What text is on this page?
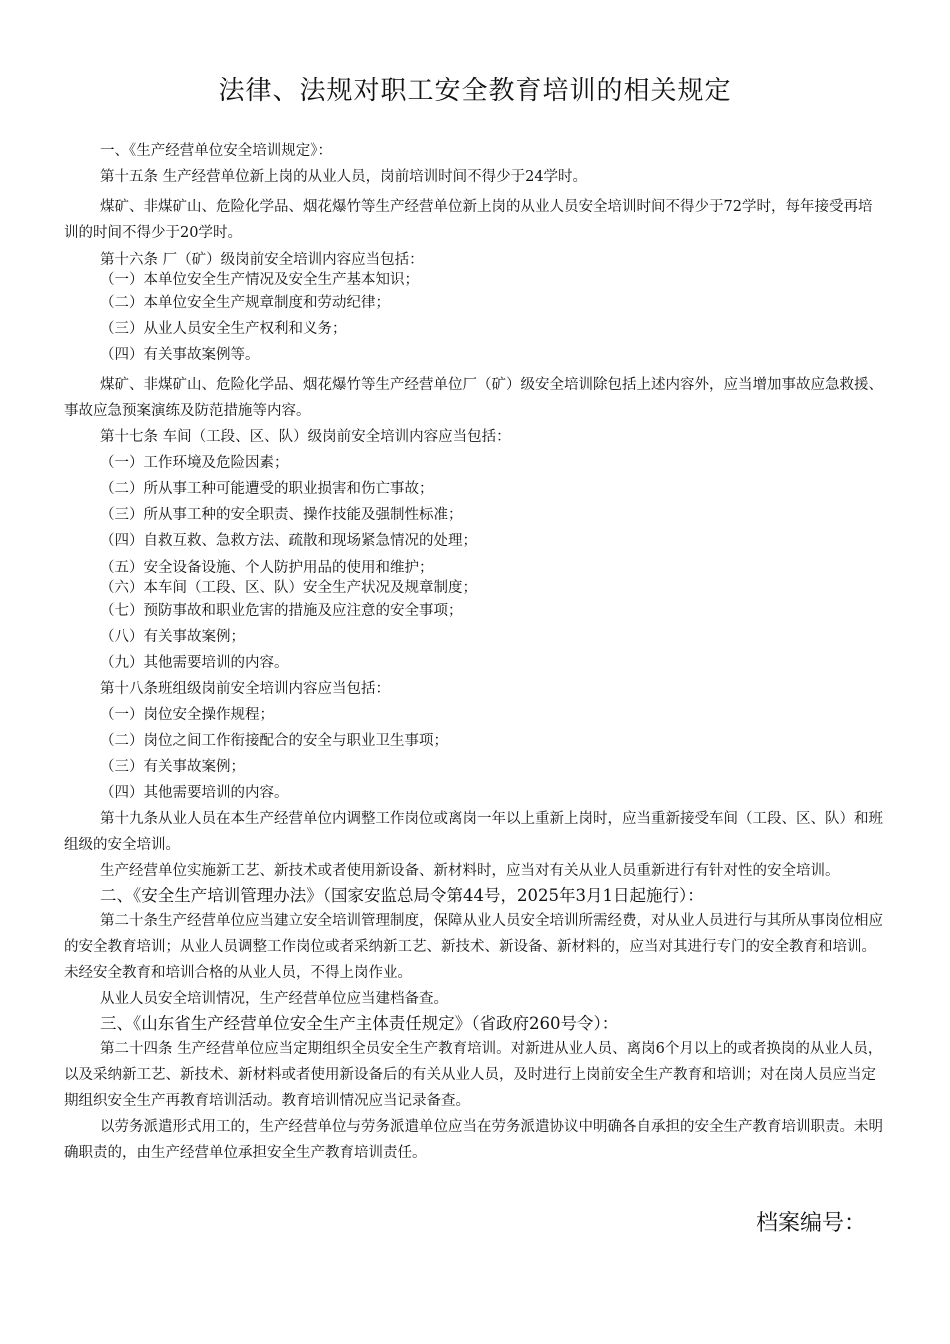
法律、法规对职工安全教育培训的相关规定

一、《生产经营单位安全培训规定》：

第十五条 生产经营单位新上岗的从业人员，岗前培训时间不得少于24学时。

煤矿、非煤矿山、危险化学品、烟花爆竹等生产经营单位新上岗的从业人员安全培训时间不得少于72学时，每年接受再培训的时间不得少于20学时。

第十六条 厂（矿）级岗前安全培训内容应当包括：

（一）本单位安全生产情况及安全生产基本知识；

（二）本单位安全生产规章制度和劳动纪律；

（三）从业人员安全生产权利和义务；

（四）有关事故案例等。

煤矿、非煤矿山、危险化学品、烟花爆竹等生产经营单位厂（矿）级安全培训除包括上述内容外，应当增加事故应急救援、事故应急预案演练及防范措施等内容。

第十七条 车间（工段、区、队）级岗前安全培训内容应当包括：

（一）工作环境及危险因素；

（二）所从事工种可能遭受的职业损害和伤亡事故；

（三）所从事工种的安全职责、操作技能及强制性标准；

（四）自救互救、急救方法、疏散和现场紧急情况的处理；

（五）安全设备设施、个人防护用品的使用和维护；

（六）本车间（工段、区、队）安全生产状况及规章制度；

（七）预防事故和职业危害的措施及应注意的安全事项；

（八）有关事故案例；

（九）其他需要培训的内容。

第十八条班组级岗前安全培训内容应当包括：

（一）岗位安全操作规程；

（二）岗位之间工作衔接配合的安全与职业卫生事项；

（三）有关事故案例；

（四）其他需要培训的内容。

第十九条从业人员在本生产经营单位内调整工作岗位或离岗一年以上重新上岗时，应当重新接受车间（工段、区、队）和班组级的安全培训。

生产经营单位实施新工艺、新技术或者使用新设备、新材料时，应当对有关从业人员重新进行有针对性的安全培训。

二、《安全生产培训管理办法》（国家安监总局令第44号，2025年3月1日起施行）：

第二十条生产经营单位应当建立安全培训管理制度，保障从业人员安全培训所需经费，对从业人员进行与其所从事岗位相应的安全教育培训；从业人员调整工作岗位或者采纳新工艺、新技术、新设备、新材料的，应当对其进行专门的安全教育和培训。未经安全教育和培训合格的从业人员，不得上岗作业。

从业人员安全培训情况，生产经营单位应当建档备查。

三、《山东省生产经营单位安全生产主体责任规定》（省政府260号令）：

第二十四条 生产经营单位应当定期组织全员安全生产教育培训。对新进从业人员、离岗6个月以上的或者换岗的从业人员，以及采纳新工艺、新技术、新材料或者使用新设备后的有关从业人员，及时进行上岗前安全生产教育和培训；对在岗人员应当定期组织安全生产再教育培训活动。教育培训情况应当记录备查。

以劳务派遣形式用工的，生产经营单位与劳务派遣单位应当在劳务派遣协议中明确各自承担的安全生产教育培训职责。未明确职责的，由生产经营单位承担安全生产教育培训责任。

档案编号：
